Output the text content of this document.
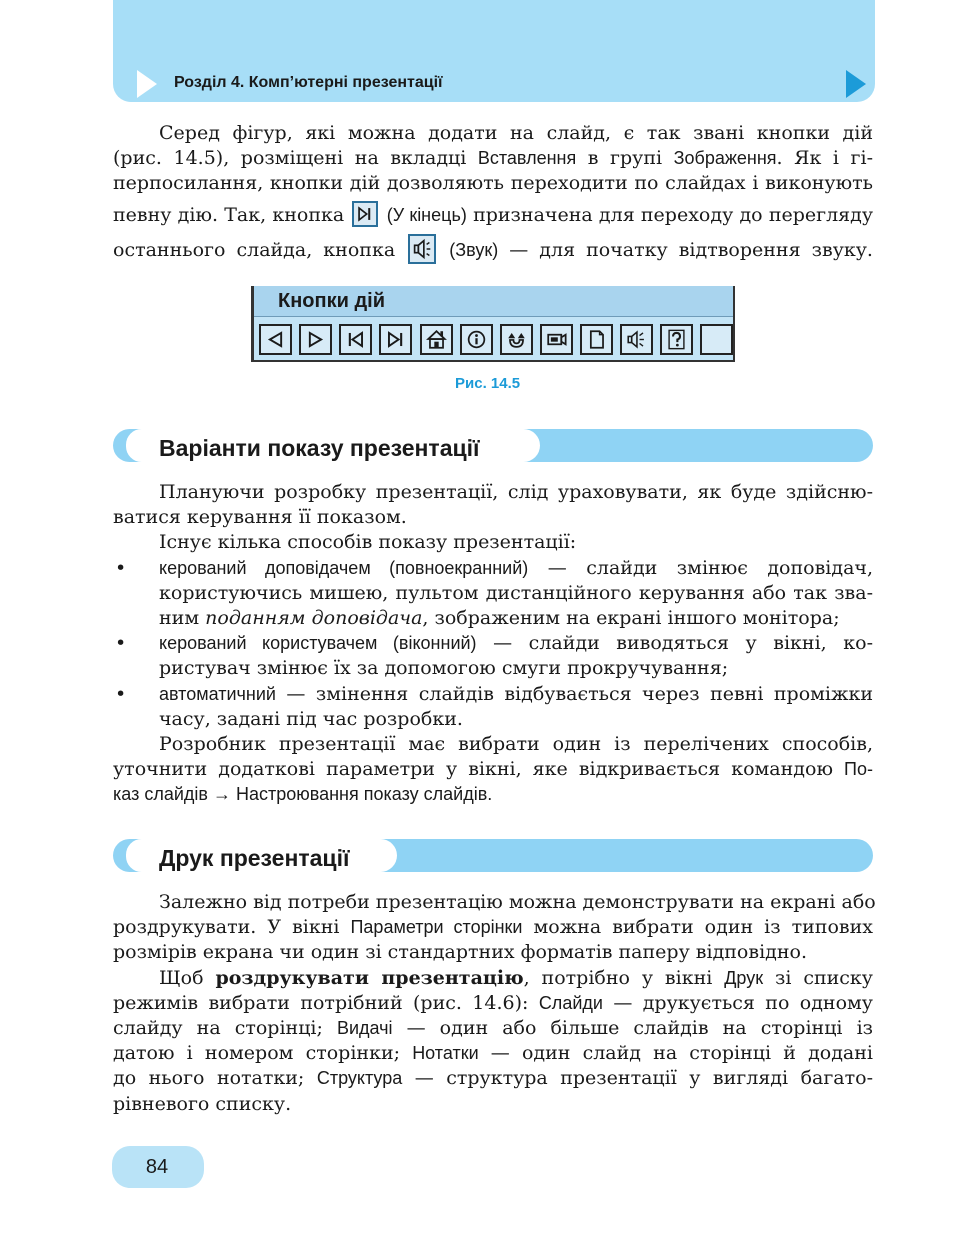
Розділ 4. Комп’ютерні презентації
Серед фігур, які можна додати на слайд, є так звані кнопки дій
(рис. 14.5), розміщені на вкладці Вставлення в групі Зображення. Як і гі-
перпосилання, кнопки дій дозволяють переходити по слайдах і виконують
певну дію. Так, кнопка (У кінець) призначена для переходу до перегляду
останнього слайда, кнопка	(Звук) — для початку відтворення звуку.
Кнопки дій
Рис. 14.5
Варіанти показу презентації
Плануючи розробку презентації, слід ураховувати, як буде здійсню-
ватися керування її показом.
Існує кілька способів показу презентації:
• керований доповідачем (повноекранний) — слайди змінює доповідач,
користуючись мишею, пультом дистанційного керування або так зва-
ним поданням доповідача, зображеним на екрані іншого монітора;
• керований користувачем (віконний) — слайди виводяться у вікні, ко-
ристувач змінює їх за допомогою смуги прокручування;
• автоматичний — змінення слайдів відбувається через певні проміжки
часу, задані під час розробки.
Розробник презентації має вибрати один із перелічених способів,
уточнити додаткові параметри у вікні, яке відкривається командою По-
каз слайдів → Настроювання показу слайдів.
Друк презентації
Залежно від потреби презентацію можна демонструвати на екрані або
роздрукувати. У вікні Параметри сторінки можна вибрати один із типових
розмірів екрана чи один зі стандартних форматів паперу відповідно.
Щоб роздрукувати презентацію, потрібно у вікні Друк зі списку
режимів вибрати потрібний (рис. 14.6): Слайди — друкується по одному
слайду на сторінці; Видачі — один або більше слайдів на сторінці із
датою і номером сторінки; Нотатки — один слайд на сторінці й додані
до нього нотатки; Структура — структура презентації у вигляді багато-
рівневого списку.
84
